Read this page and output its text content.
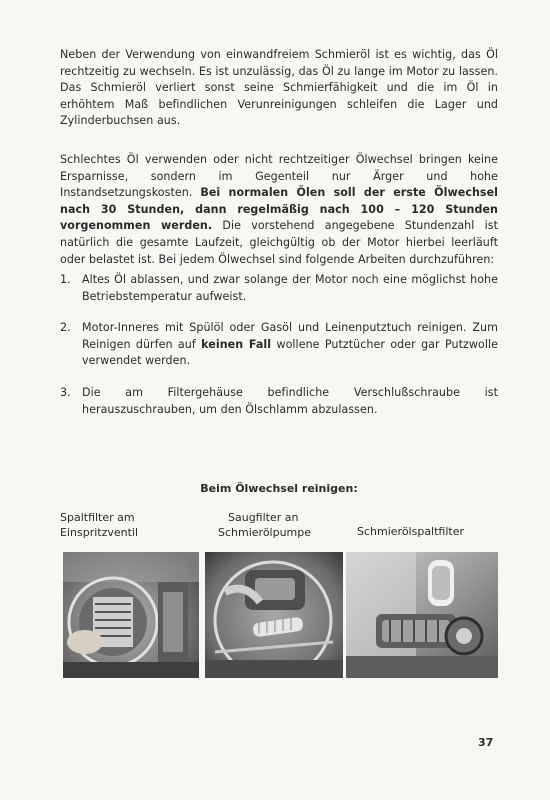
Neben der Verwendung von einwandfreiem Schmieröl ist es wichtig, das Öl rechtzeitig zu wechseln. Es ist unzulässig, das Öl zu lange im Motor zu lassen. Das Schmieröl verliert sonst seine Schmierfähigkeit und die im Öl in erhöhtem Maß befindlichen Verunreinigungen schleifen die Lager und Zylinderbuchsen aus.

Schlechtes Öl verwenden oder nicht rechtzeitiger Ölwechsel bringen keine Ersparnisse, sondern im Gegenteil nur Ärger und hohe Instandsetzungskosten. Bei normalen Ölen soll der erste Ölwechsel nach 30 Stunden, dann regelmäßig nach 100 – 120 Stunden vorgenommen werden. Die vorstehend angegebene Stundenzahl ist natürlich die gesamte Laufzeit, gleichgültig ob der Motor hierbei leerläuft oder belastet ist. Bei jedem Ölwechsel sind folgende Arbeiten durchzuführen:

1. Altes Öl ablassen, und zwar solange der Motor noch eine möglichst hohe Betriebstemperatur aufweist.
2. Motor-Inneres mit Spülöl oder Gasöl und Leinenputztuch reinigen. Zum Reinigen dürfen auf keinen Fall wollene Putztücher oder gar Putzwolle verwendet werden.
3. Die am Filtergehäuse befindliche Verschlußschraube ist herauszuschrauben, um den Ölschlamm abzulassen.
Beim Ölwechsel reinigen:
Spaltfilter am
Einspritzventil
Saugfilter an
Schmierölpumpe	Schmierölspaltfilter
37
